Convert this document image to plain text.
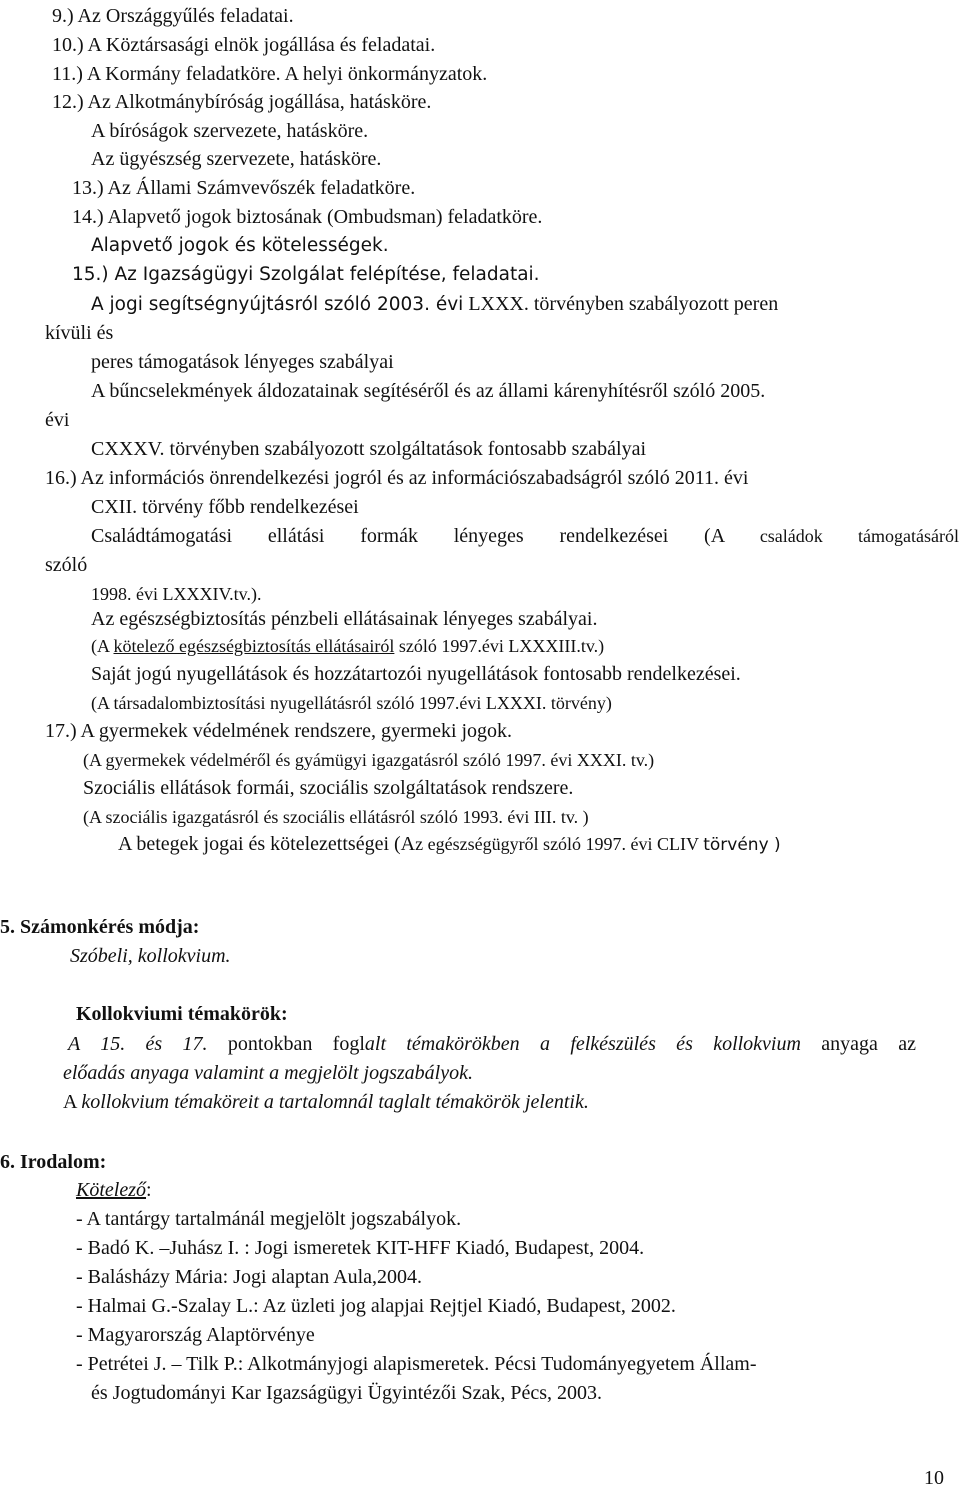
9.) Az Országgyűlés feladatai.
10.) A Köztársasági elnök jogállása és feladatai.
11.) A Kormány feladatköre. A helyi önkormányzatok.
12.) Az Alkotmánybíróság jogállása, hatásköre.
A bíróságok szervezete, hatásköre.
Az ügyészség szervezete, hatásköre.
13.) Az Állami Számvevőszék feladatköre.
14.) Alapvető jogok biztosának (Ombudsman) feladatköre.
Alapvető jogok és kötelességek.
15.) Az Igazságügyi Szolgálat felépítése, feladatai.
A jogi segítségnyújtásról szóló 2003. évi LXXX. törvényben szabályozott peren
kívüli és
peres támogatások lényeges szabályai
A bűncselekmények áldozatainak segítéséről és az állami kárenyhítésről szóló 2005.
évi
CXXXV. törvényben szabályozott szolgáltatások fontosabb szabályai
16.) Az információs önrendelkezési jogról és az információszabadságról szóló 2011. évi
CXII. törvény főbb rendelkezései
Családtámogatási ellátási formák lényeges rendelkezései (A családok támogatásáról
szóló
1998. évi LXXXIV.tv.).
Az egészségbiztosítás pénzbeli ellátásainak lényeges szabályai.
(A kötelező egészségbiztosítás ellátásairól szóló 1997.évi LXXXIII.tv.)
Saját jogú nyugellátások és hozzátartozói nyugellátások fontosabb rendelkezései.
(A társadalombiztosítási nyugellátásról szóló 1997.évi LXXXI. törvény)
17.) A gyermekek védelmének rendszere, gyermeki jogok.
(A gyermekek védelméről és gyámügyi igazgatásról szóló 1997. évi XXXI. tv.)
Szociális ellátások formái, szociális szolgáltatások rendszere.
(A szociális igazgatásról és szociális ellátásról szóló 1993. évi III. tv. )
A betegek jogai és kötelezettségei (Az egészségügyről szóló 1997. évi CLIV törvény )
5. Számonkérés módja:
Szóbeli, kollokvium.
Kollokviumi témakörök:
A 15. és 17. pontokban foglalt témakörökben a felkészülés és kollokvium anyaga az
előadás anyaga valamint a megjelölt jogszabályok.
A kollokvium témaköreit a tartalomnál taglalt témakörök jelentik.
6. Irodalom:
Kötelező:
- A tantárgy tartalmánál megjelölt jogszabályok.
- Badó K. –Juhász I. : Jogi ismeretek KIT-HFF Kiadó, Budapest, 2004.
- Balásházy Mária: Jogi alaptan Aula,2004.
- Halmai G.-Szalay L.: Az üzleti jog alapjai Rejtjel Kiadó, Budapest, 2002.
- Magyarország Alaptörvénye
- Petrétei J. – Tilk P.: Alkotmányjogi alapismeretek. Pécsi Tudományegyetem Állam-
és Jogtudományi Kar Igazságügyi Ügyintézői Szak, Pécs, 2003.
10
